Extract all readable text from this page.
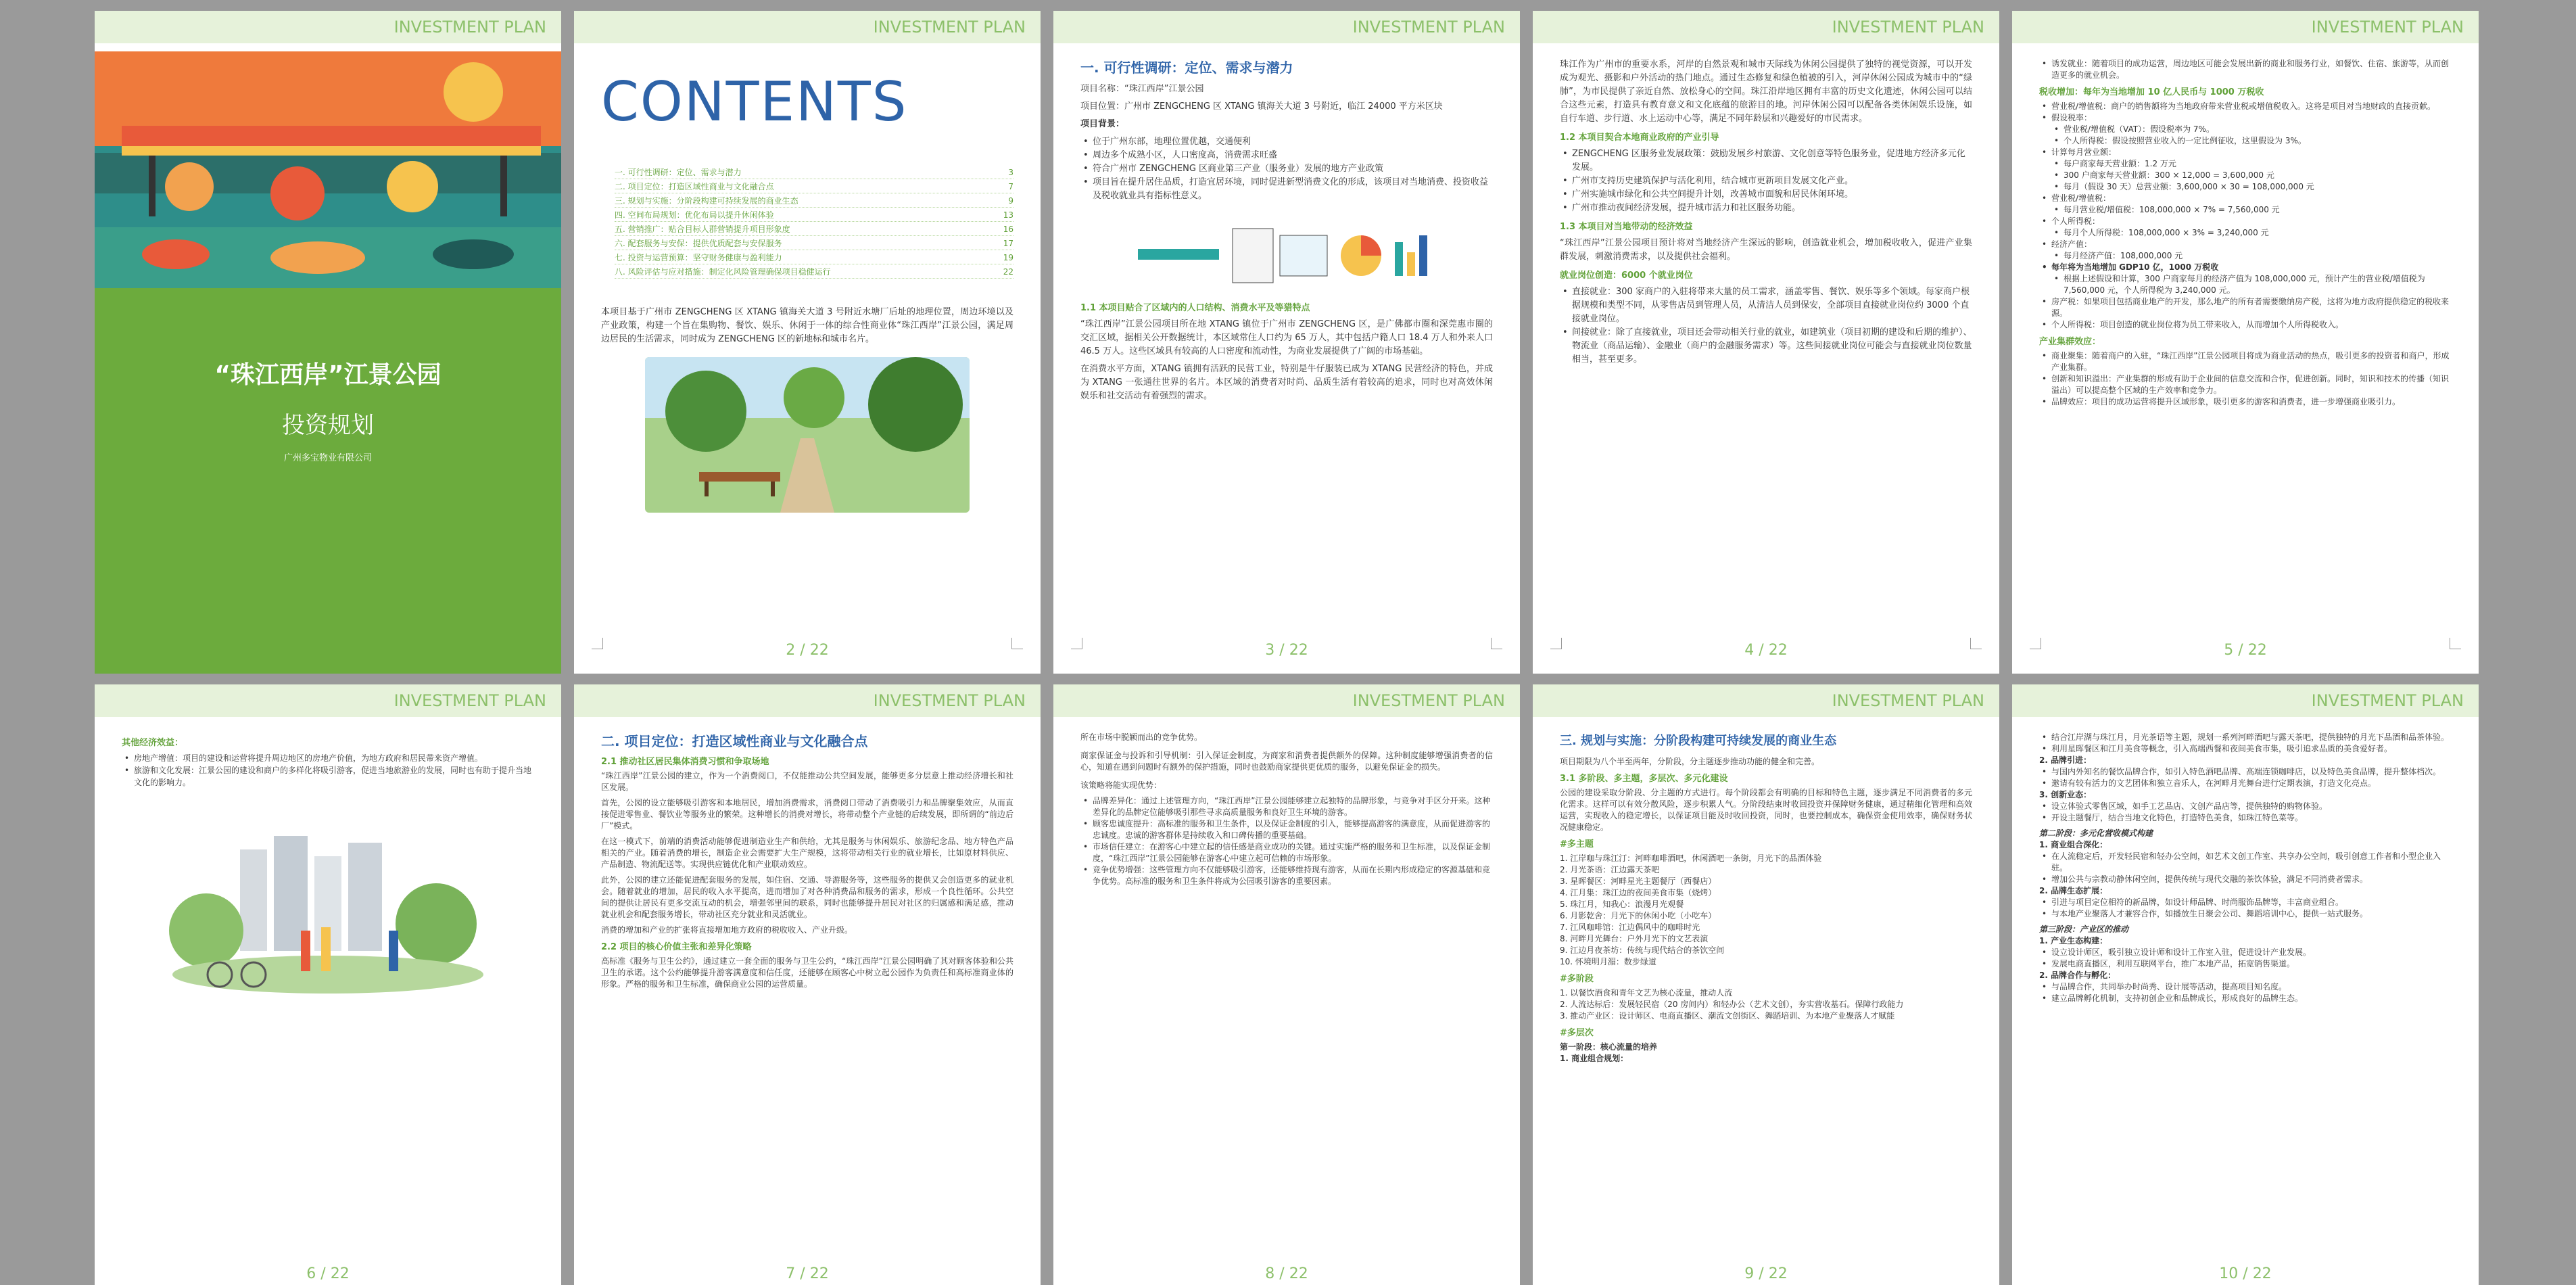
INVESTMENT PLAN
“珠江西岸”江景公园
投资规划
广州多宝物业有限公司
INVESTMENT PLAN
CONTENTS
一. 可行性调研：定位、需求与潜力	3
二. 项目定位：打造区域性商业与文化融合点	7
三. 规划与实施：分阶段构建可持续发展的商业生态	9
四. 空间布局规划：优化布局以提升休闲体验	13
五. 营销推广：贴合目标人群营销提升项目形象度	16
六. 配套服务与安保：提供优质配套与安保服务	17
七. 投资与运营预算：坚守财务健康与盈利能力	19
八. 风险评估与应对措施：制定化风险管理确保项目稳健运行	22
本项目基于广州市 ZENGCHENG 区 XTANG 镇海关大道 3 号附近水塘厂后址的地理位置，周边环境以及产业政策，构建一个旨在集购物、餐饮、娱乐、休闲于一体的综合性商业体“珠江西岸”江景公园，满足周边居民的生活需求，同时成为 ZENGCHENG 区的新地标和城市名片。
2 / 22
INVESTMENT PLAN
一. 可行性调研：定位、需求与潜力
项目名称：“珠江西岸”江景公园
项目位置：广州市 ZENGCHENG 区 XTANG 镇海关大道 3 号附近，临江 24000 平方米区块
项目背景：
• 位于广州东部，地理位置优越，交通便利
• 周边多个成熟小区，人口密度高，消费需求旺盛
• 符合广州市 ZENGCHENG 区商业第三产业（服务业）发展的地方产业政策
• 项目旨在提升居住品质，打造宜居环境，同时促进新型消费文化的形成，该项目对当地消费、投资收益及税收就业具有指标性意义。
1.1 本项目贴合了区域内的人口结构、消费水平及等猎特点
“珠江西岸”江景公园项目所在地 XTANG 镇位于广州市 ZENGCHENG 区，是广佛都市圈和深莞惠市圈的交汇区域，据相关公开数据统计，本区域常住人口约为 65 万人，其中包括户籍人口 18.4 万人和外来人口 46.5 万人。这些区域具有较高的人口密度和流动性，为商业发展提供了广阔的市场基础。
在消费水平方面，XTANG 镇拥有活跃的民营工业，特别是牛仔服装已成为 XTANG 民营经济的特色，并成为 XTANG 一张通往世界的名片。本区域的消费者对时尚、品质生活有着较高的追求，同时也对高效休闲娱乐和社交活动有着强烈的需求。
3 / 22
INVESTMENT PLAN
珠江作为广州市的重要水系，河岸的自然景观和城市天际线为休闲公园提供了独特的视觉资源，可以开发成为观光、摄影和户外活动的热门地点。通过生态修复和绿色植被的引入，河岸休闲公园成为城市中的“绿肺”，为市民提供了亲近自然、放松身心的空间。珠江沿岸地区拥有丰富的历史文化遗迹，休闲公园可以结合这些元素，打造具有教育意义和文化底蕴的旅游目的地。河岸休闲公园可以配备各类休闲娱乐设施，如自行车道、步行道、水上运动中心等，满足不同年龄层和兴趣爱好的市民需求。
1.2 本项目契合本地商业政府的产业引导
• ZENGCHENG 区服务业发展政策：鼓励发展乡村旅游、文化创意等特色服务业，促进地方经济多元化发展。
• 广州市支持历史建筑保护与活化利用，结合城市更新项目发展文化产业。
• 广州实施城市绿化和公共空间提升计划，改善城市面貌和居民休闲环境。
• 广州市推动夜间经济发展，提升城市活力和社区服务功能。
1.3 本项目对当地带动的经济效益
“珠江西岸”江景公园项目预计将对当地经济产生深远的影响，创造就业机会，增加税收收入，促进产业集群发展，刺激消费需求，以及提供社会福利。
就业岗位创造：6000 个就业岗位
• 直接就业：300 家商户的入驻将带来大量的员工需求，涵盖零售、餐饮、娱乐等多个领域。每家商户根据规模和类型不同，从零售店员到管理人员，从清洁人员到保安，全部项目直接就业岗位约 3000 个直接就业岗位。
• 间接就业：除了直接就业，项目还会带动相关行业的就业，如建筑业（项目初期的建设和后期的维护）、物流业（商品运输）、金融业（商户的金融服务需求）等。这些间接就业岗位可能会与直接就业岗位数量相当，甚至更多。
4 / 22
INVESTMENT PLAN
• 诱发就业：随着项目的成功运营，周边地区可能会发展出新的商业和服务行业，如餐饮、住宿、旅游等，从而创造更多的就业机会。
税收增加：每年为当地增加 10 亿人民币与 1000 万税收
• 营业税/增值税：商户的销售额将为当地政府带来营业税或增值税收入。这将是项目对当地财政的直接贡献。
• 假设税率：
• 营业税/增值税（VAT）：假设税率为 7%。
• 个人所得税：假设按照营业收入的一定比例征收，这里假设为 3%。
• 计算每月营业额：
• 每户商家每天营业额：1.2 万元
• 300 户商家每天营业额：300 × 12,000 = 3,600,000 元
• 每月（假设 30 天）总营业额：3,600,000 × 30 = 108,000,000 元
• 营业税/增值税：
• 每月营业税/增值税：108,000,000 × 7% = 7,560,000 元
• 个人所得税：
• 每月个人所得税：108,000,000 × 3% = 3,240,000 元
• 经济产值：
• 每月经济产值：108,000,000 元
• 每年将为当地增加 GDP10 亿，1000 万税收
• 根据上述假设和计算，300 户商家每月的经济产值为 108,000,000 元，预计产生的营业税/增值税为 7,560,000 元，个人所得税为 3,240,000 元。
• 房产税：如果项目包括商业地产的开发，那么地产的所有者需要缴纳房产税，这将为地方政府提供稳定的税收来源。
• 个人所得税：项目创造的就业岗位将为员工带来收入，从而增加个人所得税收入。
产业集群效应：
• 商业聚集：随着商户的入驻，“珠江西岸”江景公园项目将成为商业活动的热点，吸引更多的投资者和商户，形成产业集群。
• 创新和知识溢出：产业集群的形成有助于企业间的信息交流和合作，促进创新。同时，知识和技术的传播（知识溢出）可以提高整个区域的生产效率和竞争力。
• 品牌效应：项目的成功运营将提升区域形象，吸引更多的游客和消费者，进一步增强商业吸引力。
5 / 22
INVESTMENT PLAN
其他经济效益：
• 房地产增值：项目的建设和运营将提升周边地区的房地产价值，为地方政府和居民带来资产增值。
• 旅游和文化发展：江景公园的建设和商户的多样化将吸引游客，促进当地旅游业的发展，同时也有助于提升当地文化的影响力。
6 / 22
INVESTMENT PLAN
二. 项目定位：打造区域性商业与文化融合点
2.1 推动社区居民集体消费习惯和争取场地
“珠江西岸”江景公园的建立，作为一个消费阅口，不仅能推动公共空间发展，能够更多分层意上推动经济增长和社区发展。
首先，公园的设立能够吸引游客和本地居民，增加消费需求，消费阅口带动了消费吸引力和品牌聚集效应，从而直接促进零售业、餐饮业等服务业的繁荣。这种增长的消费对增长，将带动整个产业链的后续发展，即所谓的“前边后厂”模式。
在这一模式下，前端的消费活动能够促进制造业生产和供给，尤其是服务与休闲娱乐、旅游纪念品、地方特色产品相关的产业。随着消费的增长，制造企业会需要扩大生产规模，这将带动相关行业的就业增长，比如原材料供应、产品制造、物流配送等。实现供应链优化和产业联动效应。
此外，公园的建立还能促进配套服务的发展，如住宿、交通、导游服务等，这些服务的提供又会创造更多的就业机会。随着就业的增加，居民的收入水平提高，进而增加了对各种消费品和服务的需求，形成一个良性循环。公共空间的提供让居民有更多交流互动的机会，增强邻里间的联系，同时也能够提升居民对社区的归属感和满足感，推动就业机会和配套服务增长，带动社区充分就业和灵活就业。
消费的增加和产业的扩张将直接增加地方政府的税收收入、产业升级。
2.2 项目的核心价值主张和差异化策略
高标准《服务与卫生公约》，通过建立一套全面的服务与卫生公约，“珠江西岸”江景公园明确了其对顾客体验和公共卫生的承诺。这个公约能够提升游客满意度和信任度，还能够在顾客心中树立起公园作为负责任和高标准商业体的形象。严格的服务和卫生标准，确保商业公园的运营质量。
7 / 22
INVESTMENT PLAN
所在市场中脱颖而出的竞争优势。
商家保证金与投诉和引导机制：引入保证金制度，为商家和消费者提供额外的保障。这种制度能够增强消费者的信心，知道在遇到问题时有额外的保护措施，同时也鼓励商家提供更优质的服务，以避免保证金的损失。
该策略将能实现优势：
• 品牌差异化：通过上述管理方向，“珠江西岸”江景公园能够建立起独特的品牌形象，与竞争对手区分开来。这种差异化的品牌定位能够吸引那些寻求高质量服务和良好卫生环境的游客。
• 顾客忠诚度提升：高标准的服务和卫生条件，以及保证金制度的引入，能够提高游客的满意度，从而促进游客的忠诚度。忠诚的游客群体是持续收入和口碑传播的重要基础。
• 市场信任建立：在游客心中建立起的信任感是商业成功的关键。通过实施严格的服务和卫生标准，以及保证金制度，“珠江西岸”江景公园能够在游客心中建立起可信赖的市场形象。
• 竞争优势增强：这些管理方向不仅能够吸引游客，还能够维持现有游客，从而在长期内形成稳定的客源基础和竞争优势。高标准的服务和卫生条件将成为公园吸引游客的重要因素。
8 / 22
INVESTMENT PLAN
三. 规划与实施：分阶段构建可持续发展的商业生态
项目期限为八个半至两年，分阶段，分主题逐步推动功能的健全和完善。
3.1 多阶段、多主题，多层次、多元化建设
公园的建设采取分阶段、分主题的方式进行。每个阶段都会有明确的目标和特色主题，逐步满足不同消费者的多元化需求。这样可以有效分散风险，逐步积累人气。分阶段结束时收回投资并保障财务健康，通过精细化管理和高效运营，实现收入的稳定增长，以保证项目能及时收回投资，同时，也要控制成本，确保资金使用效率，确保财务状况健康稳定。
#多主题
1. 江岸咖与珠江汀：河畔咖啡酒吧，休闲酒吧一条街，月光下的品酒体验
2. 月光茶语：江边露天茶吧
3. 星晖餐区：河畔星光主题餐厅（西餐店）
4. 江月集：珠江边的夜间美食市集（烧烤）
5. 珠江月，知我心：浪漫月光观餐
6. 月影乾舍：月光下的休闲小吃（小吃车）
7. 江风咖啡馆：江边偶风中的咖啡时光
8. 河畔月光舞台：户外月光下的文艺表演
9. 江边月夜茶坊：传统与现代结合的茶饮空间
10. 怀境明月湄：数步绿道
#多阶段
1. 以餐饮酒食和青年文艺为核心流量，推动人流
2. 人流达标后：发展轻民宿（20 房间内）和轻办公（艺术文创），夯实营收基石。保障行政能力
3. 推动产业区：设计师区、电商直播区、潮流文创街区、舞蹈培训、为本地产业聚落人才赋能
#多层次
第一阶段：核心流量的培养
1. 商业组合规划：
9 / 22
INVESTMENT PLAN
• 结合江岸湖与珠江月，月光茶语等主题，规划一系列河畔酒吧与露天茶吧，提供独特的月光下品酒和品茶体验。
• 利用星晖餐区和江月美食等概念，引入高端西餐和夜间美食市集，吸引追求品质的美食爱好者。
2. 品牌引进：
• 与国内外知名的餐饮品牌合作，如引入特色酒吧品牌、高端连锁咖啡店，以及特色美食品牌，提升整体档次。
• 邀请有较有活力的文艺团体和独立音乐人，在河畔月光舞台进行定期表演，打造文化亮点。
3. 创新业态：
• 设立体验式零售区域，如手工艺品店、文创产品店等，提供独特的购物体验。
• 开设主题餐厅，结合当地文化特色，打造特色美食，如珠江特色菜等。
第二阶段：多元化营收模式构建
1. 商业组合深化：
• 在人流稳定后，开发轻民宿和轻办公空间，如艺术文创工作室、共享办公空间，吸引创意工作者和小型企业入驻。
• 增加公共与宗教动静休闲空间，提供传统与现代交融的茶饮体验，满足不同消费者需求。
2. 品牌生态扩展：
• 引进与项目定位相符的新品牌，如设计师品牌、时尚服饰品牌等，丰富商业组合。
• 与本地产业聚落人才兼容合作，如播放生日聚会公司、舞蹈培训中心，提供一站式服务。
第三阶段：产业区的推动
1. 产业生态构建：
• 设立设计师区，吸引独立设计师和设计工作室入驻，促进设计产业发展。
• 发展电商直播区，利用互联网平台，推广本地产品，拓宽销售渠道。
2. 品牌合作与孵化：
• 与品牌合作，共同举办时尚秀、设计展等活动，提高项目知名度。
• 建立品牌孵化机制，支持初创企业和品牌成长，形成良好的品牌生态。
10 / 22
